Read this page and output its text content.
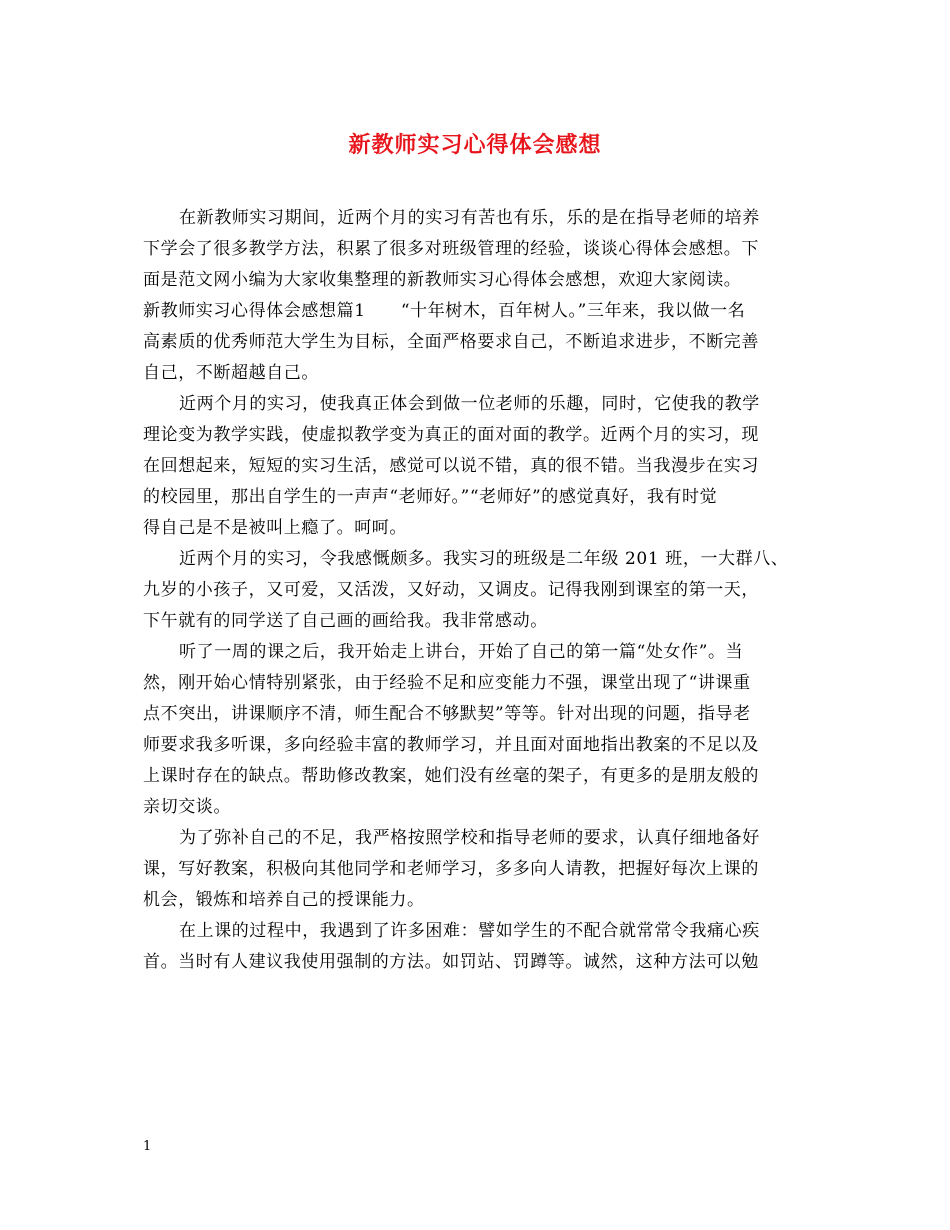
新教师实习心得体会感想
在新教师实习期间，近两个月的实习有苦也有乐，乐的是在指导老师的培养
下学会了很多教学方法，积累了很多对班级管理的经验，谈谈心得体会感想。下
面是范文网小编为大家收集整理的新教师实习心得体会感想，欢迎大家阅读。
新教师实习心得体会感想篇1　　“十年树木，百年树人。”三年来，我以做一名
高素质的优秀师范大学生为目标，全面严格要求自己，不断追求进步，不断完善
自己，不断超越自己。
近两个月的实习，使我真正体会到做一位老师的乐趣，同时，它使我的教学
理论变为教学实践，使虚拟教学变为真正的面对面的教学。近两个月的实习，现
在回想起来，短短的实习生活，感觉可以说不错，真的很不错。当我漫步在实习
的校园里，那出自学生的一声声“老师好。”“老师好”的感觉真好，我有时觉
得自己是不是被叫上瘾了。呵呵。
近两个月的实习，令我感慨颇多。我实习的班级是二年级 201 班，一大群八、
九岁的小孩子，又可爱，又活泼，又好动，又调皮。记得我刚到课室的第一天，
下午就有的同学送了自己画的画给我。我非常感动。
听了一周的课之后，我开始走上讲台，开始了自己的第一篇“处女作”。当
然，刚开始心情特别紧张，由于经验不足和应变能力不强，课堂出现了“讲课重
点不突出，讲课顺序不清，师生配合不够默契”等等。针对出现的问题，指导老
师要求我多听课，多向经验丰富的教师学习，并且面对面地指出教案的不足以及
上课时存在的缺点。帮助修改教案，她们没有丝毫的架子，有更多的是朋友般的
亲切交谈。
为了弥补自己的不足，我严格按照学校和指导老师的要求，认真仔细地备好
课，写好教案，积极向其他同学和老师学习，多多向人请教，把握好每次上课的
机会，锻炼和培养自己的授课能力。
在上课的过程中，我遇到了许多困难：譬如学生的不配合就常常令我痛心疾
首。当时有人建议我使用强制的方法。如罚站、罚蹲等。诚然，这种方法可以勉
1
